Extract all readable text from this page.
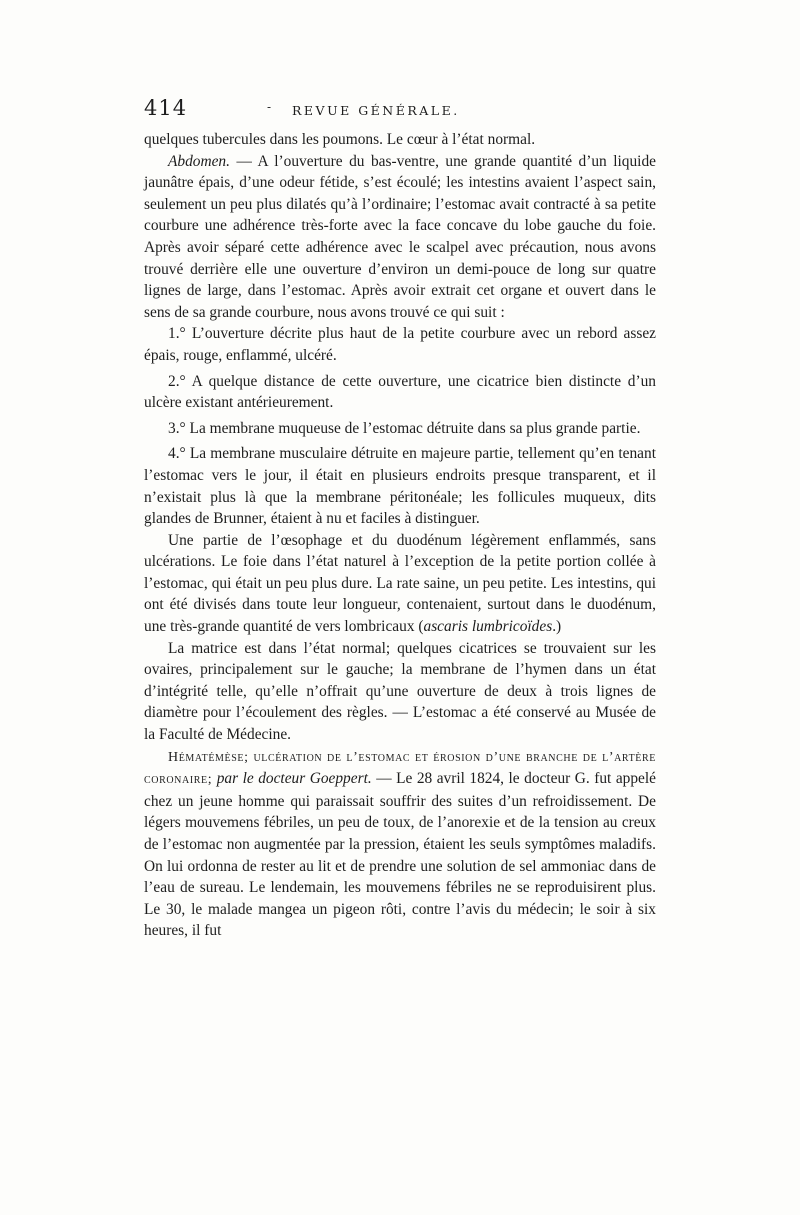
414	- REVUE GÉNÉRALE.

quelques tubercules dans les poumons. Le cœur à l’état normal.

Abdomen. — A l’ouverture du bas-ventre, une grande quantité d’un liquide jaunâtre épais, d’une odeur fétide, s’est écoulé; les intestins avaient l’aspect sain, seulement un peu plus dilatés qu’à l’ordinaire; l’estomac avait contracté à sa petite courbure une adhérence très-forte avec la face concave du lobe gauche du foie. Après avoir séparé cette adhérence avec le scalpel avec précaution, nous avons trouvé derrière elle une ouverture d’environ un demi-pouce de long sur quatre lignes de large, dans l’estomac. Après avoir extrait cet organe et ouvert dans le sens de sa grande courbure, nous avons trouvé ce qui suit :

1.° L’ouverture décrite plus haut de la petite courbure avec un rebord assez épais, rouge, enflammé, ulcéré.

2.° A quelque distance de cette ouverture, une cicatrice bien distincte d’un ulcère existant antérieurement.

3.° La membrane muqueuse de l’estomac détruite dans sa plus grande partie.

4.° La membrane musculaire détruite en majeure partie, tellement qu’en tenant l’estomac vers le jour, il était en plusieurs endroits presque transparent, et il n’existait plus là que la membrane péritonéale; les follicules muqueux, dits glandes de Brunner, étaient à nu et faciles à distinguer.

Une partie de l’œsophage et du duodénum légèrement enflammés, sans ulcérations. Le foie dans l’état naturel à l’exception de la petite portion collée à l’estomac, qui était un peu plus dure. La rate saine, un peu petite. Les intestins, qui ont été divisés dans toute leur longueur, contenaient, surtout dans le duodénum, une très-grande quantité de vers lombricaux (ascaris lumbricoïdes.)

La matrice est dans l’état normal; quelques cicatrices se trouvaient sur les ovaires, principalement sur le gauche; la membrane de l’hymen dans un état d’intégrité telle, qu’elle n’offrait qu’une ouverture de deux à trois lignes de diamètre pour l’écoulement des règles. — L’estomac a été conservé au Musée de la Faculté de Médecine.

Hématémèse; ulcération de l’estomac et érosion d’une branche de l’artère coronaire; par le docteur Goeppert. — Le 28 avril 1824, le docteur G. fut appelé chez un jeune homme qui paraissait souffrir des suites d’un refroidissement. De légers mouvemens fébriles, un peu de toux, de l’anorexie et de la tension au creux de l’estomac non augmentée par la pression, étaient les seuls symptômes maladifs. On lui ordonna de rester au lit et de prendre une solution de sel ammoniac dans de l’eau de sureau. Le lendemain, les mouvemens fébriles ne se reproduisirent plus. Le 30, le malade mangea un pigeon rôti, contre l’avis du médecin; le soir à six heures, il fut
